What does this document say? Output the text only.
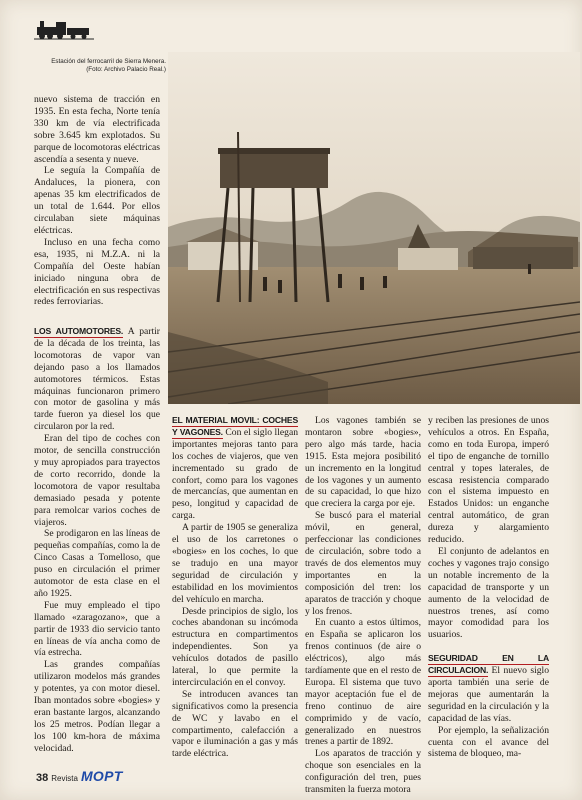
Estación del ferrocarril de Sierra Menera. (Foto: Archivo Palacio Real.)

nuevo sistema de tracción en 1935. En esta fecha, Norte tenía 330 km de vía electrificada sobre 3.645 km explotados. Su parque de locomotoras eléctricas ascendía a sesenta y nueve.

Le seguía la Compañía de Andaluces, la pionera, con apenas 35 km electrificados de un total de 1.644. Por ellos circulaban siete máquinas eléctricas.

Incluso en una fecha como esa, 1935, ni M.Z.A. ni la Compañía del Oeste habían iniciado ninguna obra de electrificación en sus respectivas redes ferroviarias.

LOS AUTOMOTORES. A partir de la década de los treinta, las locomotoras de vapor van dejando paso a los llamados automotores térmicos. Estas máquinas funcionaron primero con motor de gasolina y más tarde fueron ya diesel los que circularon por la red.

Eran del tipo de coches con motor, de sencilla construcción y muy apropiados para trayectos de corto recorrido, donde la locomotora de vapor resultaba demasiado pesada y potente para remolcar varios coches de viajeros.

Se prodigaron en las líneas de pequeñas compañías, como la de Cinco Casas a Tomelloso, que puso en circulación el primer automotor de esta clase en el año 1925.

Fue muy empleado el tipo llamado «zaragozano», que a partir de 1933 dio servicio tanto en líneas de vía ancha como de vía estrecha.

Las grandes compañías utilizaron modelos más grandes y potentes, ya con motor diesel. Iban montados sobre «bogies» y eran bastante largos, alcanzando los 25 metros. Podían llegar a los 100 km-hora de máxima velocidad.

EL MATERIAL MOVIL: COCHES Y VAGONES. Con el siglo llegan importantes mejoras tanto para los coches de viajeros, que ven incrementado su grado de confort, como para los vagones de mercancías, que aumentan en peso, longitud y capacidad de carga.

A partir de 1905 se generaliza el uso de los carretones o «bogies» en los coches, lo que se tradujo en una mayor seguridad de circulación y estabilidad en los movimientos del vehículo en marcha.

Desde principios de siglo, los coches abandonan su incómoda estructura en compartimentos independientes. Son ya vehículos dotados de pasillo lateral, lo que permite la intercirculación en el convoy.

Se introducen avances tan significativos como la presencia de WC y lavabo en el compartimento, calefacción a vapor e iluminación a gas y más tarde eléctrica.

Los vagones también se montaron sobre «bogies», pero algo más tarde, hacia 1915. Esta mejora posibilitó un incremento en la longitud de los vagones y un aumento de su capacidad, lo que hizo que creciera la carga por eje.

Se buscó para el material móvil, en general, perfeccionar las condiciones de circulación, sobre todo a través de dos elementos muy importantes en la composición del tren: los aparatos de tracción y choque y los frenos.

En cuanto a estos últimos, en España se aplicaron los frenos continuos (de aire o eléctricos), algo más tardíamente que en el resto de Europa. El sistema que tuvo mayor aceptación fue el de freno continuo de aire comprimido y de vacío, generalizado en nuestros trenes a partir de 1892.

Los aparatos de tracción y choque son esenciales en la configuración del tren, pues transmiten la fuerza motora

y reciben las presiones de unos vehículos a otros. En España, como en toda Europa, imperó el tipo de enganche de tornillo central y topes laterales, de escasa resistencia comparado con el sistema impuesto en Estados Unidos: un enganche central automático, de gran dureza y alargamiento reducido.

El conjunto de adelantos en coches y vagones trajo consigo un notable incremento de la capacidad de transporte y un aumento de la velocidad de nuestros trenes, así como mayor comodidad para los usuarios.

SEGURIDAD EN LA CIRCULACION. El nuevo siglo aporta también una serie de mejoras que aumentarán la seguridad en la circulación y la capacidad de las vías.

Por ejemplo, la señalización cuenta con el avance del sistema de bloqueo, ma-

38 Revista MOPT
